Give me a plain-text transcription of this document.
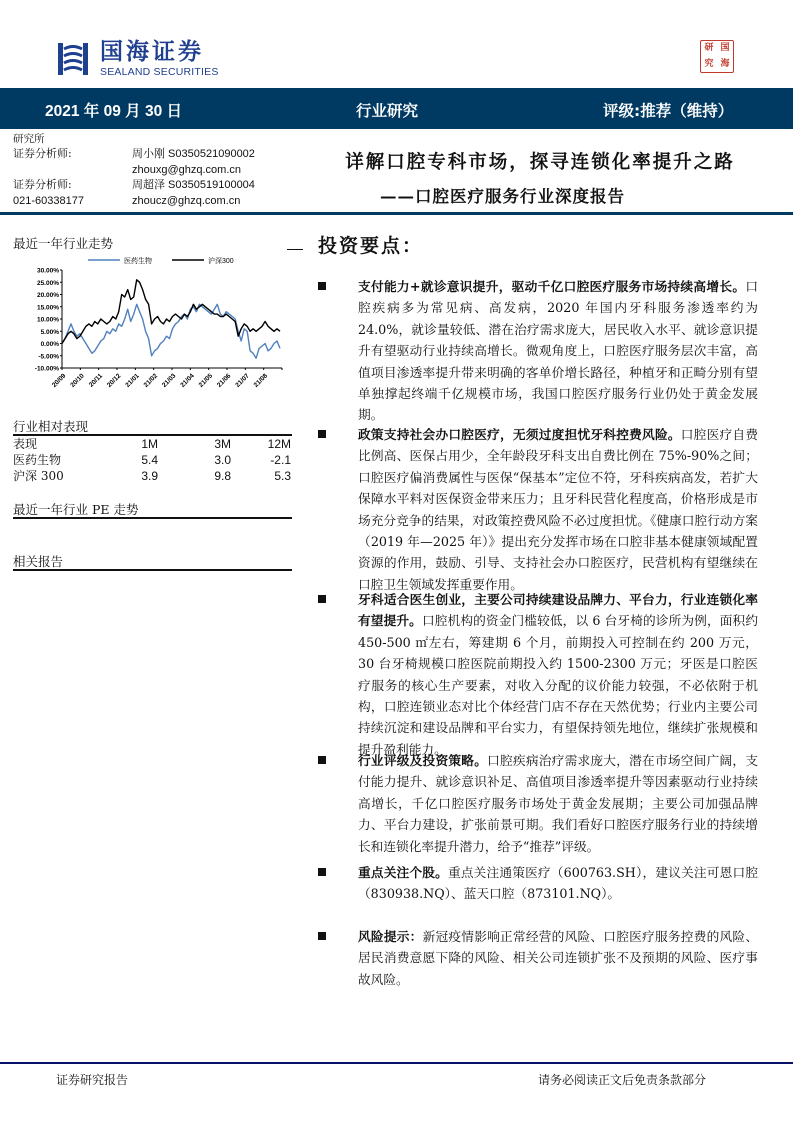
国海证券
SEALAND SECURITIES
研 国
究 海
2021 年 09 月 30 日	行业研究	评级:推荐（维持）
研究所
证券分析师:	周小刚 S0350521090002
zhouxg@ghzq.com.cn
证券分析师:	周超泽 S0350519100004
021-60338177	zhoucz@ghzq.com.cn
详解口腔专科市场，探寻连锁化率提升之路
——口腔医疗服务行业深度报告
最近一年行业走势
医药生物	沪深300
30.00%
25.00%
20.00%
15.00%
10.00%
5.00%
0.00%
-5.00%
-10.00%
20/09 20/10 20/11 20/12 21/01 21/02 21/03 21/04 21/05 21/06 21/07 21/08
行业相对表现
表现	1M	3M	12M
医药生物	5.4	3.0	-2.1
沪深 300	3.9	9.8	5.3
最近一年行业 PE 走势
相关报告
投资要点：
支付能力+就诊意识提升，驱动千亿口腔医疗服务市场持续高增长。口腔疾病多为常见病、高发病，2020 年国内牙科服务渗透率约为 24.0%，就诊量较低、潜在治疗需求庞大，居民收入水平、就诊意识提升有望驱动行业持续高增长。微观角度上，口腔医疗服务层次丰富，高值项目渗透率提升带来明确的客单价增长路径，种植牙和正畸分别有望单独撑起终端千亿规模市场，我国口腔医疗服务行业仍处于黄金发展期。
政策支持社会办口腔医疗，无须过度担忧牙科控费风险。口腔医疗自费比例高、医保占用少，全年龄段牙科支出自费比例在 75%-90%之间；口腔医疗偏消费属性与医保“保基本”定位不符，牙科疾病高发，若扩大保障水平料对医保资金带来压力；且牙科民营化程度高，价格形成是市场充分竞争的结果，对政策控费风险不必过度担忧。《健康口腔行动方案（2019 年—2025 年）》提出充分发挥市场在口腔非基本健康领域配置资源的作用，鼓励、引导、支持社会办口腔医疗，民营机构有望继续在口腔卫生领域发挥重要作用。
牙科适合医生创业，主要公司持续建设品牌力、平台力，行业连锁化率有望提升。口腔机构的资金门槛较低，以 6 台牙椅的诊所为例，面积约 450-500 ㎡左右，筹建期 6 个月，前期投入可控制在约 200 万元，30 台牙椅规模口腔医院前期投入约 1500-2300 万元；牙医是口腔医疗服务的核心生产要素，对收入分配的议价能力较强，不必依附于机构，口腔连锁业态对比个体经营门店不存在天然优势；行业内主要公司持续沉淀和建设品牌和平台实力，有望保持领先地位，继续扩张规模和提升盈利能力。
行业评级及投资策略。口腔疾病治疗需求庞大，潜在市场空间广阔，支付能力提升、就诊意识补足、高值项目渗透率提升等因素驱动行业持续高增长，千亿口腔医疗服务市场处于黄金发展期；主要公司加强品牌力、平台力建设，扩张前景可期。我们看好口腔医疗服务行业的持续增长和连锁化率提升潜力，给予“推荐”评级。
重点关注个股。重点关注通策医疗（600763.SH），建议关注可恩口腔（830938.NQ）、蓝天口腔（873101.NQ）。
风险提示：新冠疫情影响正常经营的风险、口腔医疗服务控费的风险、居民消费意愿下降的风险、相关公司连锁扩张不及预期的风险、医疗事故风险。
证券研究报告	请务必阅读正文后免责条款部分
